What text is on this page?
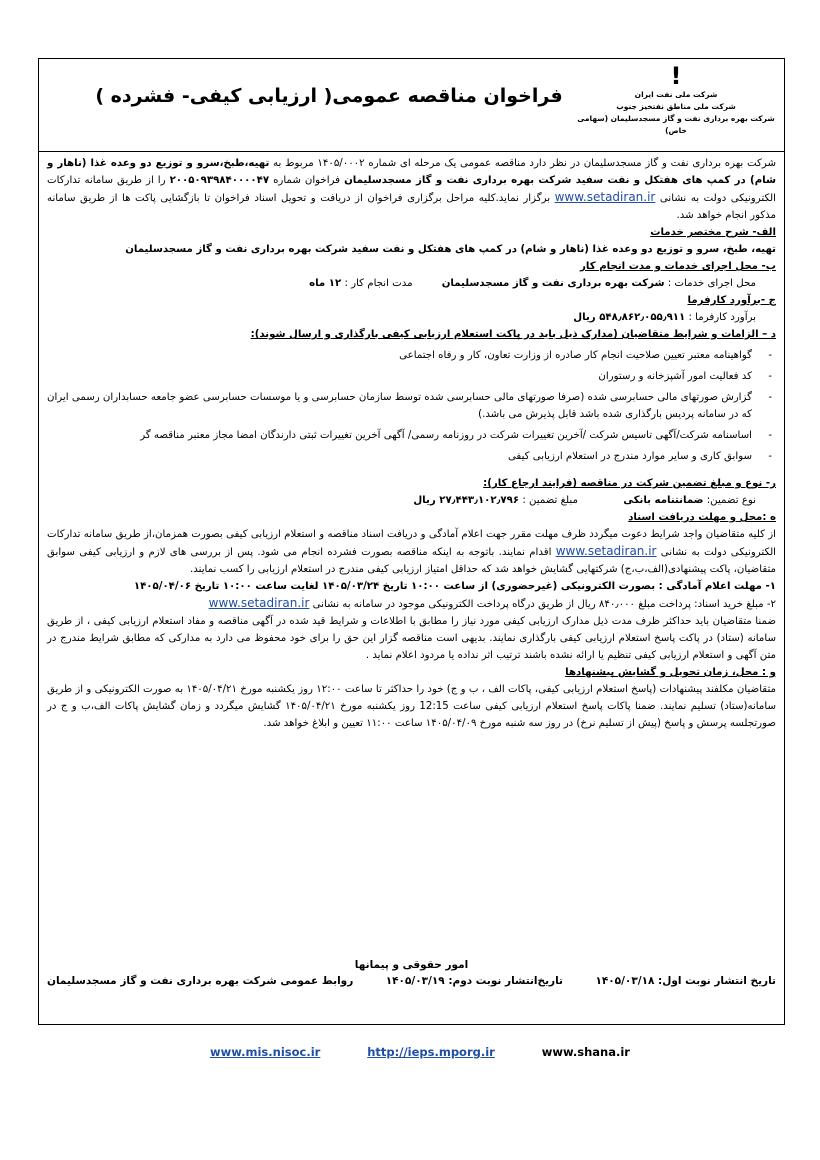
فراخوان مناقصه عمومی( ارزیابی کیفی- فشرده )
!
شرکت ملی نفت ایران
شرکت ملی مناطق نفتخیز جنوب
شرکت بهره برداری نفت و گاز مسجدسلیمان (سهامی خاص)

شرکت بهره برداری نفت و گاز مسجدسلیمان در نظر دارد مناقصه عمومی یک مرحله ای شماره ۱۴۰۵/۰۰۰۲ مربوط به تهیه،طبخ،سرو و توزیع دو وعده غذا (ناهار و شام) در کمپ های هفتکل و نفت سفید شرکت بهره برداری نفت و گاز مسجدسلیمان فراخوان شماره ۲۰۰۵۰۹۳۹۸۴۰۰۰۰۴۷ را از طریق سامانه تدارکات الکترونیکی دولت به نشانی www.setadiran.ir برگزار نماید.کلیه مراحل برگزاری فراخوان از دریافت و تحویل اسناد فراخوان تا بازگشایی پاکت ها از طریق سامانه مذکور انجام خواهد شد.

الف- شرح مختصر خدمات

تهیه، طبخ، سرو و توزیع دو وعده غذا (ناهار و شام) در کمپ های هفتکل و نفت سفید شرکت بهره برداری نفت و گاز مسجدسلیمان

ب- محل اجرای خدمات و مدت انجام کار

محل اجرای خدمات : شرکت بهره برداری نفت و گاز مسجدسلیمان         مدت انجام کار : ۱۲ ماه

ج -برآورد کارفرما

برآورد کارفرما : ۵۴۸٫۸۶۲٫۰۵۵٫۹۱۱ ریال

د – الزامات و شرایط متقاضیان (مدارک ذیل باید در پاکت استعلام ارزیابی کیفی بارگذاری و ارسال شوند):

- گواهینامه معتبر تعیین صلاحیت انجام کار صادره از وزارت تعاون، کار و رفاه اجتماعی
- کد فعالیت امور آشپزخانه و رستوران
- گزارش صورتهای مالی حسابرسی شده (صرفا صورتهای مالی حسابرسی شده توسط سازمان حسابرسی و یا موسسات حسابرسی عضو جامعه حسابداران رسمی ایران که در سامانه پردیس بارگذاری شده باشد قابل پذیرش می باشد.)
- اساسنامه شرکت/آگهی تاسیس شرکت /آخرین تغییرات شرکت در روزنامه رسمی/ آگهی آخرین تغییرات ثبتی دارندگان امضا مجاز معتبر مناقصه گر
- سوابق کاری و سایر موارد مندرج در استعلام ارزیابی کیفی

ر- نوع و مبلغ تضمین شرکت در مناقصه (فرایند ارجاع کار):

نوع تضمین: ضمانتنامه بانکی              مبلغ تضمین : ۲۷٫۴۴۳٫۱۰۲٫۷۹۶ ریال

ه :محل و مهلت دریافت اسناد

از کلیه متقاضیان واجد شرایط دعوت میگردد ظرف مهلت مقرر جهت اعلام آمادگی و دریافت اسناد مناقصه و استعلام ارزیابی کیفی بصورت همزمان،از طریق سامانه تدارکات الکترونیکی دولت به نشانی www.setadiran.ir اقدام نمایند. باتوجه به اینکه مناقصه بصورت فشرده انجام می شود. پس از بررسی های لازم و ارزیابی کیفی سوابق متقاضیان، پاکت پیشنهادی(الف،ب،ج) شرکتهایی گشایش خواهد شد که حداقل امتیاز ارزیابی کیفی مندرج در استعلام ارزیابی را کسب نمایند.

۱- مهلت اعلام آمادگی : بصورت الکترونیکی (غیرحضوری) از ساعت ۱۰:۰۰ تاریخ ۱۴۰۵/۰۳/۲۴ لغایت ساعت ۱۰:۰۰ تاریخ ۱۴۰۵/۰۴/۰۶

۲- مبلغ خرید اسناد: پرداخت مبلغ ۸۴۰٫۰۰۰ ریال از طریق درگاه پرداخت الکترونیکی موجود در سامانه به نشانی www.setadiran.ir

ضمنا متقاضیان باید حداکثر ظرف مدت ذیل مدارک ارزیابی کیفی مورد نیاز را مطابق با اطلاعات و شرایط قید شده در آگهی مناقصه و مفاد استعلام ارزیابی کیفی ، از طریق سامانه (ستاد) در پاکت پاسخ استعلام ارزیابی کیفی بارگذاری نمایند. بدیهی است مناقصه گزار این حق را برای خود محفوظ می دارد به مدارکی که مطابق شرایط مندرج در متن آگهی و استعلام ارزیابی کیفی تنظیم یا ارائه نشده باشند ترتیب اثر نداده یا مردود اعلام نماید .

و : محل، زمان تحویل و گشایش پیشنهادها

متقاضیان مکلفند پیشنهادات (پاسخ استعلام ارزیابی کیفی، پاکات الف ، ب و ج) خود را حداکثر تا ساعت ۱۲:۰۰ روز یکشنبه مورخ ۱۴۰۵/۰۴/۲۱ به صورت الکترونیکی و از طریق سامانه(ستاد) تسلیم نمایند. ضمنا پاکات پاسخ استعلام ارزیابی کیفی ساعت 12:15 روز یکشنبه مورخ ۱۴۰۵/۰۴/۲۱ گشایش میگردد و زمان گشایش پاکات الف،ب و ج در صورتجلسه پرسش و پاسخ (پیش از تسلیم نرخ) در روز سه شنبه مورخ ۱۴۰۵/۰۴/۰۹ ساعت ۱۱:۰۰ تعیین و ابلاغ خواهد شد.

امور حقوقی و پیمانها
تاریخ انتشار نوبت اول: ۱۴۰۵/۰۳/۱۸
تاریخ‌انتشار نوبت دوم: ۱۴۰۵/۰۳/۱۹
روابط عمومی شرکت بهره برداری نفت و گاز مسجدسلیمان
www.mis.nisoc.ir	http://ieps.mporg.ir	www.shana.ir
